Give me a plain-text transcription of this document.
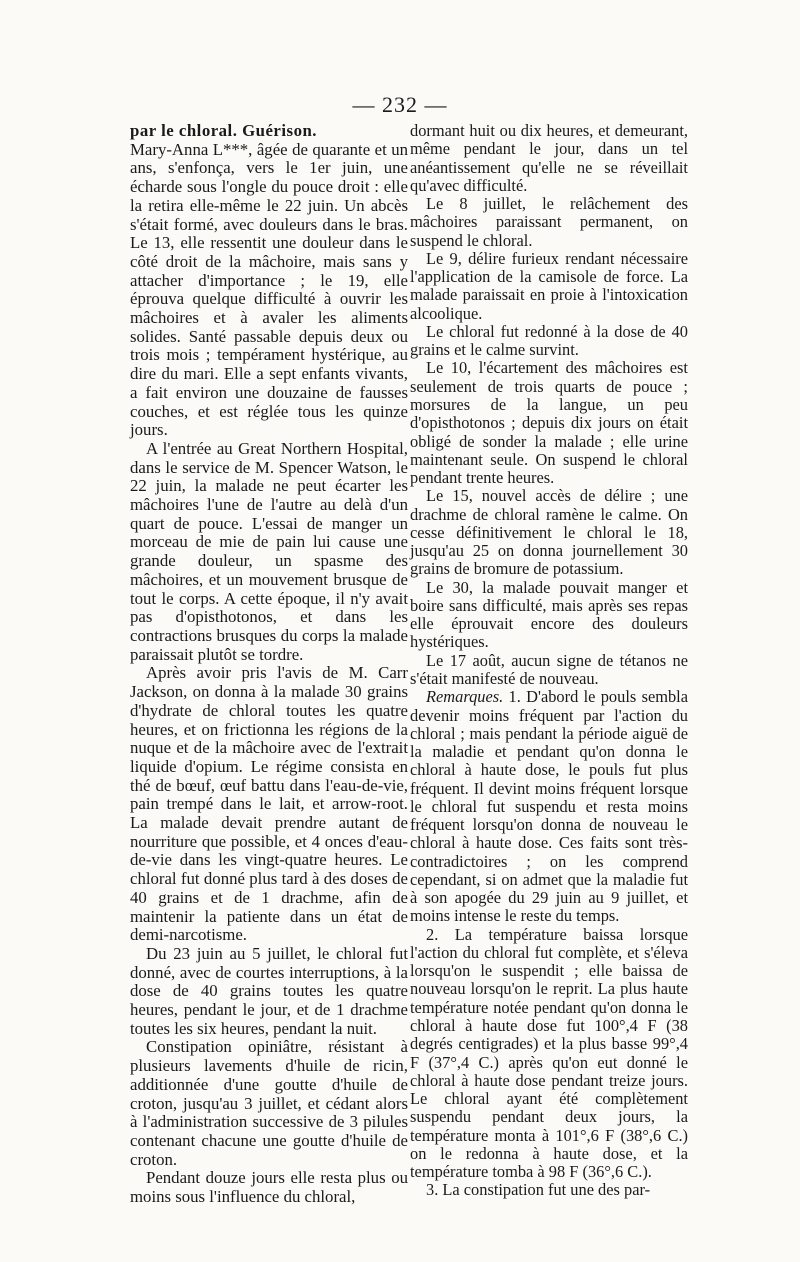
— 232 —

par le chloral. Guérison.

Mary-Anna L***, âgée de quarante et un ans, s'enfonça, vers le 1er juin, une écharde sous l'ongle du pouce droit : elle la retira elle-même le 22 juin. Un abcès s'était formé, avec douleurs dans le bras. Le 13, elle ressentit une douleur dans le côté droit de la mâchoire, mais sans y attacher d'importance ; le 19, elle éprouva quelque difficulté à ouvrir les mâchoires et à avaler les aliments solides. Santé passable depuis deux ou trois mois ; tempérament hystérique, au dire du mari. Elle a sept enfants vivants, a fait environ une douzaine de fausses couches, et est réglée tous les quinze jours.

A l'entrée au Great Northern Hospital, dans le service de M. Spencer Watson, le 22 juin, la malade ne peut écarter les mâchoires l'une de l'autre au delà d'un quart de pouce. L'essai de manger un morceau de mie de pain lui cause une grande douleur, un spasme des mâchoires, et un mouvement brusque de tout le corps. A cette époque, il n'y avait pas d'opisthotonos, et dans les contractions brusques du corps la malade paraissait plutôt se tordre.

Après avoir pris l'avis de M. Carr Jackson, on donna à la malade 30 grains d'hydrate de chloral toutes les quatre heures, et on frictionna les régions de la nuque et de la mâchoire avec de l'extrait liquide d'opium. Le régime consista en thé de bœuf, œuf battu dans l'eau-de-vie, pain trempé dans le lait, et arrow-root. La malade devait prendre autant de nourriture que possible, et 4 onces d'eau-de-vie dans les vingt-quatre heures. Le chloral fut donné plus tard à des doses de 40 grains et de 1 drachme, afin de maintenir la patiente dans un état de demi-narcotisme.

Du 23 juin au 5 juillet, le chloral fut donné, avec de courtes interruptions, à la dose de 40 grains toutes les quatre heures, pendant le jour, et de 1 drachme toutes les six heures, pendant la nuit.

Constipation opiniâtre, résistant à plusieurs lavements d'huile de ricin, additionnée d'une goutte d'huile de croton, jusqu'au 3 juillet, et cédant alors à l'administration successive de 3 pilules contenant chacune une goutte d'huile de croton.

Pendant douze jours elle resta plus ou moins sous l'influence du chloral,

dormant huit ou dix heures, et demeurant, même pendant le jour, dans un tel anéantissement qu'elle ne se réveillait qu'avec difficulté.

Le 8 juillet, le relâchement des mâchoires paraissant permanent, on suspend le chloral.

Le 9, délire furieux rendant nécessaire l'application de la camisole de force. La malade paraissait en proie à l'intoxication alcoolique.

Le chloral fut redonné à la dose de 40 grains et le calme survint.

Le 10, l'écartement des mâchoires est seulement de trois quarts de pouce ; morsures de la langue, un peu d'opisthotonos ; depuis dix jours on était obligé de sonder la malade ; elle urine maintenant seule. On suspend le chloral pendant trente heures.

Le 15, nouvel accès de délire ; une drachme de chloral ramène le calme. On cesse définitivement le chloral le 18, jusqu'au 25 on donna journellement 30 grains de bromure de potassium.

Le 30, la malade pouvait manger et boire sans difficulté, mais après ses repas elle éprouvait encore des douleurs hystériques.

Le 17 août, aucun signe de tétanos ne s'était manifesté de nouveau.

Remarques. 1. D'abord le pouls sembla devenir moins fréquent par l'action du chloral ; mais pendant la période aiguë de la maladie et pendant qu'on donna le chloral à haute dose, le pouls fut plus fréquent. Il devint moins fréquent lorsque le chloral fut suspendu et resta moins fréquent lorsqu'on donna de nouveau le chloral à haute dose. Ces faits sont très-contradictoires ; on les comprend cependant, si on admet que la maladie fut à son apogée du 29 juin au 9 juillet, et moins intense le reste du temps.

2. La température baissa lorsque l'action du chloral fut complète, et s'éleva lorsqu'on le suspendit ; elle baissa de nouveau lorsqu'on le reprit. La plus haute température notée pendant qu'on donna le chloral à haute dose fut 100°,4 F (38 degrés centigrades) et la plus basse 99°,4 F (37°,4 C.) après qu'on eut donné le chloral à haute dose pendant treize jours. Le chloral ayant été complètement suspendu pendant deux jours, la température monta à 101°,6 F (38°,6 C.) on le redonna à haute dose, et la température tomba à 98 F (36°,6 C.).

3. La constipation fut une des par-
